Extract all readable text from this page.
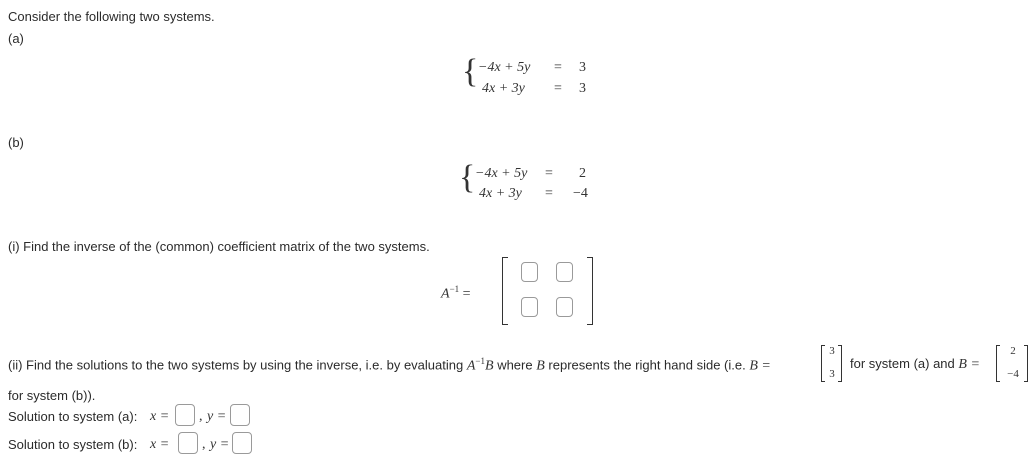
Consider the following two systems.
(a)
{ −4x + 5y = 3
4x + 3y = 3
(b)
{ −4x + 5y = 2
4x + 3y = −4
(i) Find the inverse of the (common) coefficient matrix of the two systems.
$A^{-1}$ =
(ii) Find the solutions to the two systems by using the inverse, i.e. by evaluating $A^{-1}B$ where B represents the right hand side (i.e. B =
3
3
for system (a) and B =
2
−4
for system (b)).
Solution to system (a): x = , y =
Solution to system (b): x = , y =
